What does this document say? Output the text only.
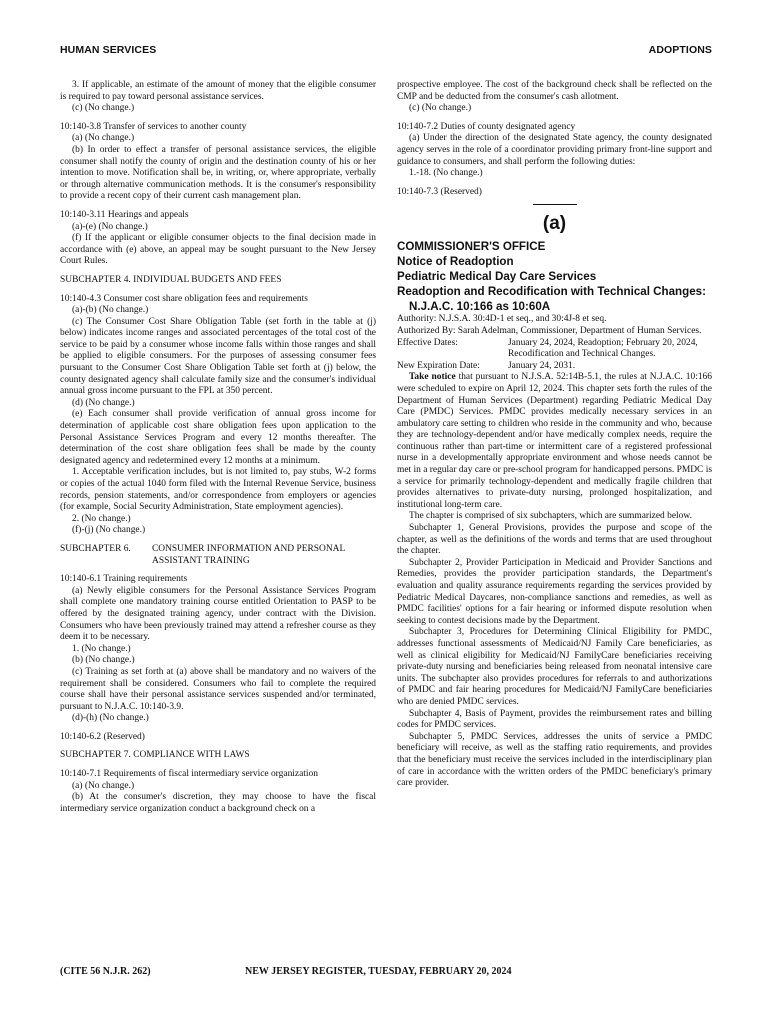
HUMAN SERVICES	ADOPTIONS

3. If applicable, an estimate of the amount of money that the eligible consumer is required to pay toward personal assistance services.

(c) (No change.)

10:140-3.8 Transfer of services to another county

(a) (No change.)

(b) In order to effect a transfer of personal assistance services, the eligible consumer shall notify the county of origin and the destination county of his or her intention to move. Notification shall be, in writing, or, where appropriate, verbally or through alternative communication methods. It is the consumer's responsibility to provide a recent copy of their current cash management plan.

10:140-3.11 Hearings and appeals

(a)-(e) (No change.)

(f) If the applicant or eligible consumer objects to the final decision made in accordance with (e) above, an appeal may be sought pursuant to the New Jersey Court Rules.

SUBCHAPTER 4. INDIVIDUAL BUDGETS AND FEES

10:140-4.3 Consumer cost share obligation fees and requirements

(a)-(b) (No change.)

(c) The Consumer Cost Share Obligation Table (set forth in the table at (j) below) indicates income ranges and associated percentages of the total cost of the service to be paid by a consumer whose income falls within those ranges and shall be applied to eligible consumers. For the purposes of assessing consumer fees pursuant to the Consumer Cost Share Obligation Table set forth at (j) below, the county designated agency shall calculate family size and the consumer's individual annual gross income pursuant to the FPL at 350 percent.

(d) (No change.)

(e) Each consumer shall provide verification of annual gross income for determination of applicable cost share obligation fees upon application to the Personal Assistance Services Program and every 12 months thereafter. The determination of the cost share obligation fees shall be made by the county designated agency and redetermined every 12 months at a minimum.

1. Acceptable verification includes, but is not limited to, pay stubs, W-2 forms or copies of the actual 1040 form filed with the Internal Revenue Service, business records, pension statements, and/or correspondence from employers or agencies (for example, Social Security Administration, State employment agencies).

2. (No change.)

(f)-(j) (No change.)

SUBCHAPTER 6. CONSUMER INFORMATION AND PERSONAL ASSISTANT TRAINING

10:140-6.1 Training requirements

(a) Newly eligible consumers for the Personal Assistance Services Program shall complete one mandatory training course entitled Orientation to PASP to be offered by the designated training agency, under contract with the Division. Consumers who have been previously trained may attend a refresher course as they deem it to be necessary.

1. (No change.)

(b) (No change.)

(c) Training as set forth at (a) above shall be mandatory and no waivers of the requirement shall be considered. Consumers who fail to complete the required course shall have their personal assistance services suspended and/or terminated, pursuant to N.J.A.C. 10:140-3.9.

(d)-(h) (No change.)

10:140-6.2 (Reserved)

SUBCHAPTER 7. COMPLIANCE WITH LAWS

10:140-7.1 Requirements of fiscal intermediary service organization

(a) (No change.)

(b) At the consumer's discretion, they may choose to have the fiscal intermediary service organization conduct a background check on a

prospective employee. The cost of the background check shall be reflected on the CMP and be deducted from the consumer's cash allotment.

(c) (No change.)

10:140-7.2 Duties of county designated agency

(a) Under the direction of the designated State agency, the county designated agency serves in the role of a coordinator providing primary front-line support and guidance to consumers, and shall perform the following duties:

1.-18. (No change.)

10:140-7.3 (Reserved)

(a)

COMMISSIONER'S OFFICE

Notice of Readoption

Pediatric Medical Day Care Services

Readoption and Recodification with Technical Changes: N.J.A.C. 10:166 as 10:60A

Authority: N.J.S.A. 30:4D-1 et seq., and 30:4J-8 et seq.

Authorized By: Sarah Adelman, Commissioner, Department of Human Services.

Effective Dates:	January 24, 2024, Readoption; February 20, 2024, Recodification and Technical Changes.
New Expiration Date:	January 24, 2031.

Take notice that pursuant to N.J.S.A. 52:14B-5.1, the rules at N.J.A.C. 10:166 were scheduled to expire on April 12, 2024. This chapter sets forth the rules of the Department of Human Services (Department) regarding Pediatric Medical Day Care (PMDC) Services. PMDC provides medically necessary services in an ambulatory care setting to children who reside in the community and who, because they are technology-dependent and/or have medically complex needs, require the continuous rather than part-time or intermittent care of a registered professional nurse in a developmentally appropriate environment and whose needs cannot be met in a regular day care or pre-school program for handicapped persons. PMDC is a service for primarily technology-dependent and medically fragile children that provides alternatives to private-duty nursing, prolonged hospitalization, and institutional long-term care.

The chapter is comprised of six subchapters, which are summarized below.

Subchapter 1, General Provisions, provides the purpose and scope of the chapter, as well as the definitions of the words and terms that are used throughout the chapter.

Subchapter 2, Provider Participation in Medicaid and Provider Sanctions and Remedies, provides the provider participation standards, the Department's evaluation and quality assurance requirements regarding the services provided by Pediatric Medical Daycares, non-compliance sanctions and remedies, as well as PMDC facilities' options for a fair hearing or informed dispute resolution when seeking to contest decisions made by the Department.

Subchapter 3, Procedures for Determining Clinical Eligibility for PMDC, addresses functional assessments of Medicaid/NJ Family Care beneficiaries, as well as clinical eligibility for Medicaid/NJ FamilyCare beneficiaries receiving private-duty nursing and beneficiaries being released from neonatal intensive care units. The subchapter also provides procedures for referrals to and authorizations of PMDC and fair hearing procedures for Medicaid/NJ FamilyCare beneficiaries who are denied PMDC services.

Subchapter 4, Basis of Payment, provides the reimbursement rates and billing codes for PMDC services.

Subchapter 5, PMDC Services, addresses the units of service a PMDC beneficiary will receive, as well as the staffing ratio requirements, and provides that the beneficiary must receive the services included in the interdisciplinary plan of care in accordance with the written orders of the PMDC beneficiary's primary care provider.

(CITE 56 N.J.R. 262)	NEW JERSEY REGISTER, TUESDAY, FEBRUARY 20, 2024
